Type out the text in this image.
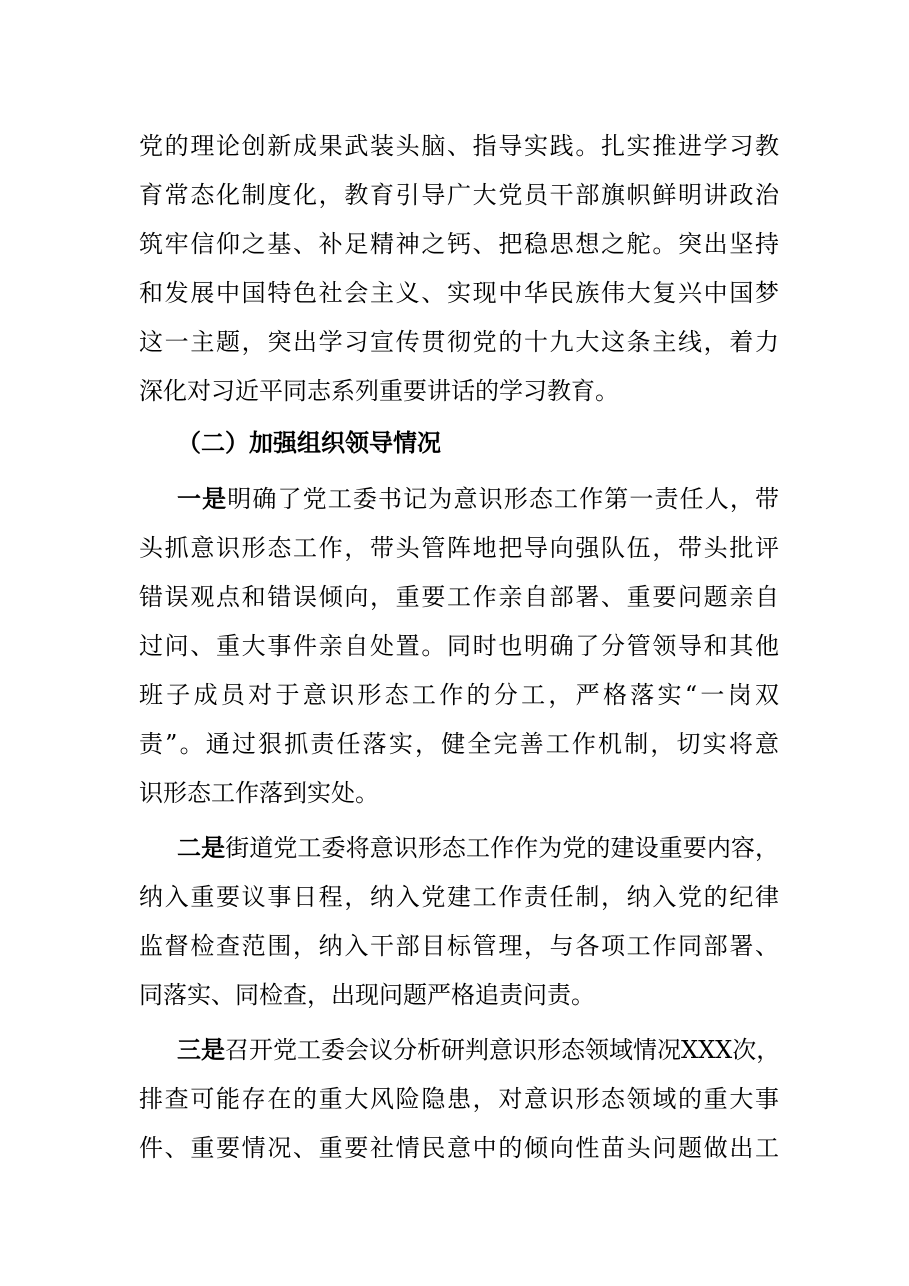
党的理论创新成果武装头脑、指导实践。扎实推进学习教
育常态化制度化，教育引导广大党员干部旗帜鲜明讲政治
筑牢信仰之基、补足精神之钙、把稳思想之舵。突出坚持
和发展中国特色社会主义、实现中华民族伟大复兴中国梦
这一主题，突出学习宣传贯彻党的十九大这条主线，着力
深化对习近平同志系列重要讲话的学习教育。
（二）加强组织领导情况
一是明确了党工委书记为意识形态工作第一责任人，带
头抓意识形态工作，带头管阵地把导向强队伍，带头批评
错误观点和错误倾向，重要工作亲自部署、重要问题亲自
过问、重大事件亲自处置。同时也明确了分管领导和其他
班子成员对于意识形态工作的分工，严格落实“一岗双
责”。通过狠抓责任落实，健全完善工作机制，切实将意
识形态工作落到实处。
二是街道党工委将意识形态工作作为党的建设重要内容，
纳入重要议事日程，纳入党建工作责任制，纳入党的纪律
监督检查范围，纳入干部目标管理，与各项工作同部署、
同落实、同检查，出现问题严格追责问责。
三是召开党工委会议分析研判意识形态领域情况XXX次，
排查可能存在的重大风险隐患，对意识形态领域的重大事
件、重要情况、重要社情民意中的倾向性苗头问题做出工
